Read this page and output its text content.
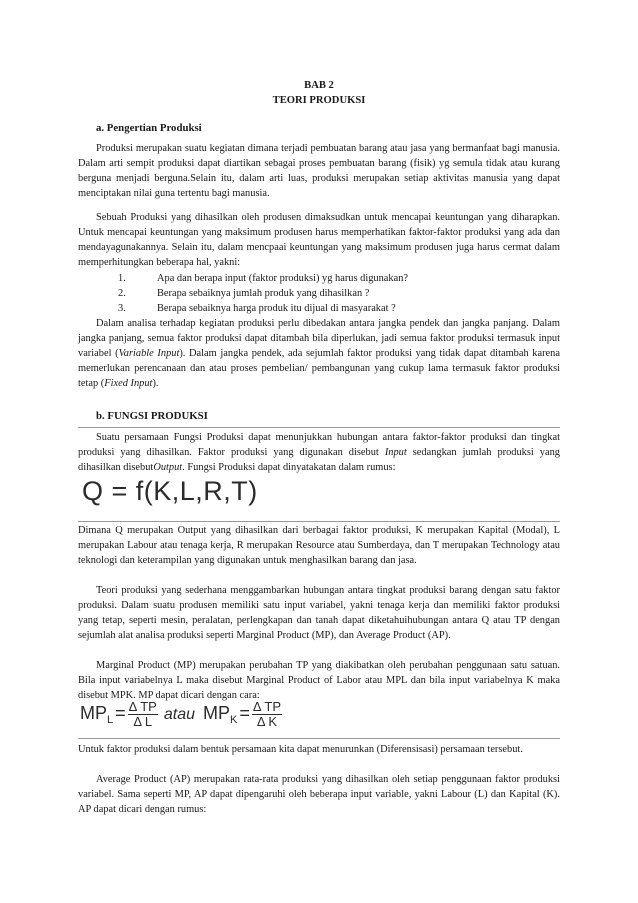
BAB 2
TEORI PRODUKSI
a. Pengertian Produksi

Produksi merupakan suatu kegiatan dimana terjadi pembuatan barang atau jasa yang bermanfaat bagi manusia. Dalam arti sempit produksi dapat diartikan sebagai proses pembuatan barang (fisik) yg semula tidak atau kurang berguna menjadi berguna.Selain itu, dalam arti luas, produksi merupakan setiap aktivitas manusia yang dapat menciptakan nilai guna tertentu bagi manusia.

Sebuah Produksi yang dihasilkan oleh produsen dimaksudkan untuk mencapai keuntungan yang diharapkan. Untuk mencapai keuntungan yang maksimum produsen harus memperhatikan faktor-faktor produksi yang ada dan mendayagunakannya. Selain itu, dalam mencpaai keuntungan yang maksimum produsen juga harus cermat dalam memperhitungkan beberapa hal, yakni:

1.	Apa dan berapa input (faktor produksi) yg harus digunakan?
2.	Berapa sebaiknya jumlah produk yang dihasilkan ?
3.	Berapa sebaiknya harga produk itu dijual di masyarakat ?

Dalam analisa terhadap kegiatan produksi perlu dibedakan antara jangka pendek dan jangka panjang. Dalam jangka panjang, semua faktor produksi dapat ditambah bila diperlukan, jadi semua faktor produksi termasuk input variabel (Variable Input). Dalam jangka pendek, ada sejumlah faktor produksi yang tidak dapat ditambah karena memerlukan perencanaan dan atau proses pembelian/ pembangunan yang cukup lama termasuk faktor produksi tetap (Fixed Input).

b. FUNGSI PRODUKSI

Suatu persamaan Fungsi Produksi dapat menunjukkan hubungan antara faktor-faktor produksi dan tingkat produksi yang dihasilkan. Faktor produksi yang digunakan disebut Input sedangkan jumlah produksi yang dihasilkan disebutOutput. Fungsi Produksi dapat dinyatakatan dalam rumus:

Q = f(K,L,R,T)

Dimana Q merupakan Output yang dihasilkan dari berbagai faktor produksi, K merupakan Kapital (Modal), L merupakan Labour atau tenaga kerja, R merupakan Resource atau Sumberdaya, dan T merupakan Technology atau teknologi dan keterampilan yang digunakan untuk menghasilkan barang dan jasa.

Teori produksi yang sederhana menggambarkan hubungan antara tingkat produksi barang dengan satu faktor produksi. Dalam suatu produsen memiliki satu input variabel, yakni tenaga kerja dan memiliki faktor produksi yang tetap, seperti mesin, peralatan, perlengkapan dan tanah dapat diketahuihubungan antara Q atau TP dengan sejumlah alat analisa produksi seperti Marginal Product (MP), dan Average Product (AP).

Marginal Product (MP) merupakan perubahan TP yang diakibatkan oleh perubahan penggunaan satu satuan. Bila input variabelnya L maka disebut Marginal Product of Labor atau MPL dan bila input variabelnya K maka disebut MPK. MP dapat dicari dengan cara:

$MP_L = \frac{\text{Δ TP}}{\text{Δ L}}$ atau $MP_K = \frac{\text{Δ TP}}{\text{Δ K}}$

Untuk faktor produksi dalam bentuk persamaan kita dapat menurunkan (Diferensisasi) persamaan tersebut.

Average Product (AP) merupakan rata-rata produksi yang dihasilkan oleh setiap penggunaan faktor produksi variabel. Sama seperti MP, AP dapat dipengaruhi oleh beberapa input variable, yakni Labour (L) dan Kapital (K). AP dapat dicari dengan rumus:
